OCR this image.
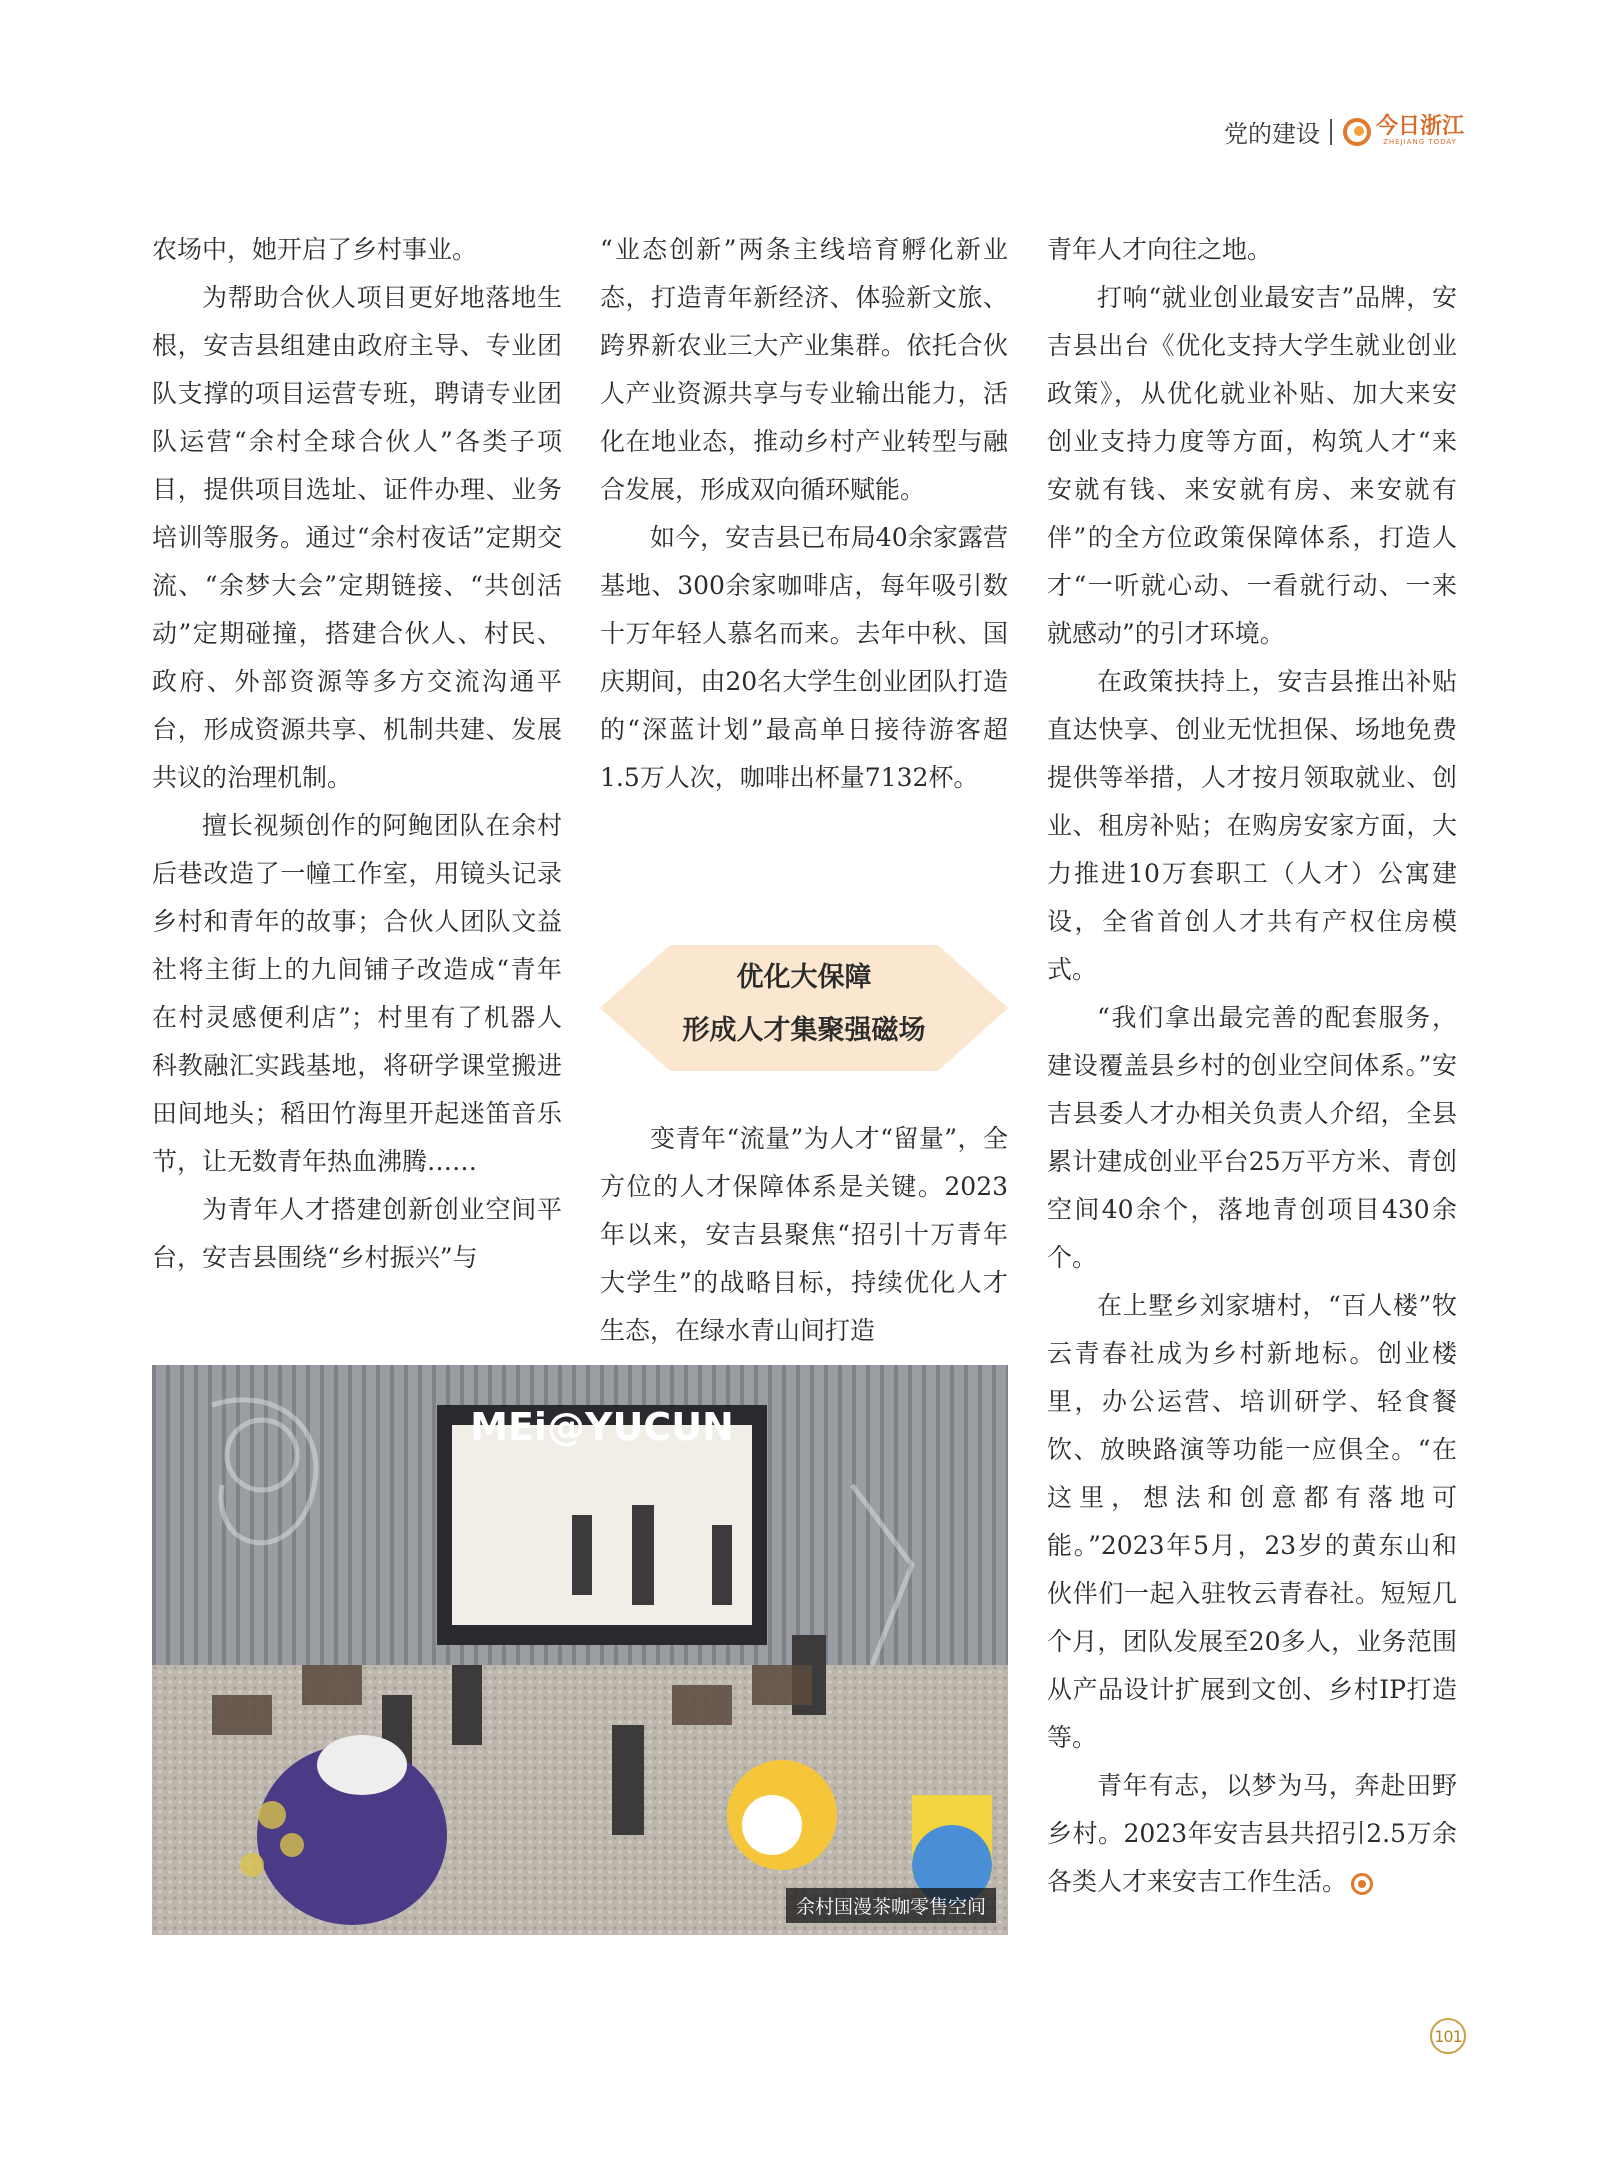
党的建设	今日浙江
ZHEJIANG TODAY

农场中，她开启了乡村事业。

为帮助合伙人项目更好地落地生根，安吉县组建由政府主导、专业团队支撑的项目运营专班，聘请专业团队运营“余村全球合伙人”各类子项目，提供项目选址、证件办理、业务培训等服务。通过“余村夜话”定期交流、“余梦大会”定期链接、“共创活动”定期碰撞，搭建合伙人、村民、政府、外部资源等多方交流沟通平台，形成资源共享、机制共建、发展共议的治理机制。

擅长视频创作的阿鲍团队在余村后巷改造了一幢工作室，用镜头记录乡村和青年的故事；合伙人团队文益社将主街上的九间铺子改造成“青年在村灵感便利店”；村里有了机器人科教融汇实践基地，将研学课堂搬进田间地头；稻田竹海里开起迷笛音乐节，让无数青年热血沸腾……

为青年人才搭建创新创业空间平台，安吉县围绕“乡村振兴”与

“业态创新”两条主线培育孵化新业态，打造青年新经济、体验新文旅、跨界新农业三大产业集群。依托合伙人产业资源共享与专业输出能力，活化在地业态，推动乡村产业转型与融合发展，形成双向循环赋能。

如今，安吉县已布局40余家露营基地、300余家咖啡店，每年吸引数十万年轻人慕名而来。去年中秋、国庆期间，由20名大学生创业团队打造的“深蓝计划”最高单日接待游客超1.5万人次，咖啡出杯量7132杯。

优化大保障
形成人才集聚强磁场

变青年“流量”为人才“留量”，全方位的人才保障体系是关键。2023年以来，安吉县聚焦“招引十万青年大学生”的战略目标，持续优化人才生态，在绿水青山间打造

青年人才向往之地。

打响“就业创业最安吉”品牌，安吉县出台《优化支持大学生就业创业政策》，从优化就业补贴、加大来安创业支持力度等方面，构筑人才“来安就有钱、来安就有房、来安就有伴”的全方位政策保障体系，打造人才“一听就心动、一看就行动、一来就感动”的引才环境。

在政策扶持上，安吉县推出补贴直达快享、创业无忧担保、场地免费提供等举措，人才按月领取就业、创业、租房补贴；在购房安家方面，大力推进10万套职工（人才）公寓建设，全省首创人才共有产权住房模式。

“我们拿出最完善的配套服务，建设覆盖县乡村的创业空间体系。”安吉县委人才办相关负责人介绍，全县累计建成创业平台25万平方米、青创空间40余个，落地青创项目430余个。

在上墅乡刘家塘村，“百人楼”牧云青春社成为乡村新地标。创业楼里，办公运营、培训研学、轻食餐饮、放映路演等功能一应俱全。“在这里，想法和创意都有落地可能。”2023年5月，23岁的黄东山和伙伴们一起入驻牧云青春社。短短几个月，团队发展至20多人，业务范围从产品设计扩展到文创、乡村IP打造等。

青年有志，以梦为马，奔赴田野乡村。2023年安吉县共招引2.5万余各类人才来安吉工作生活。

MEi@YUCUN
余村国漫茶咖零售空间
101
